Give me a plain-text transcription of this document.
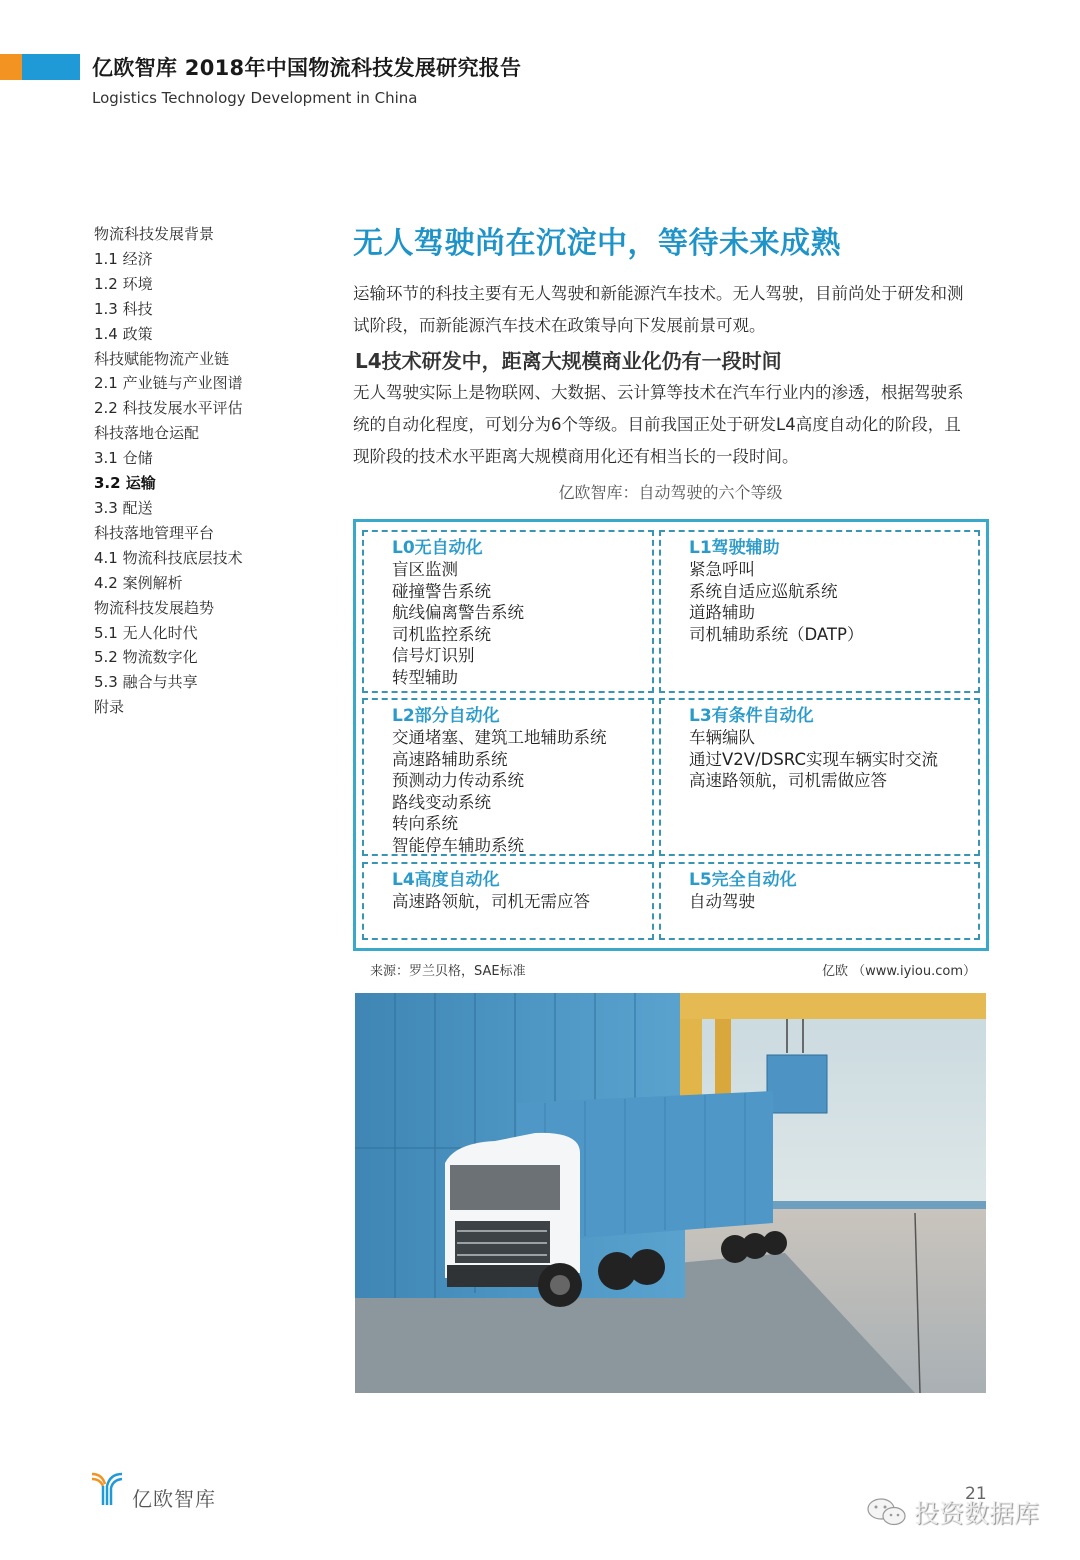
亿欧智库 2018年中国物流科技发展研究报告
Logistics Technology Development in China
物流科技发展背景
1.1 经济
1.2 环境
1.3 科技
1.4 政策
科技赋能物流产业链
2.1 产业链与产业图谱
2.2 科技发展水平评估
科技落地仓运配
3.1 仓储
3.2 运输
3.3 配送
科技落地管理平台
4.1 物流科技底层技术
4.2 案例解析
物流科技发展趋势
5.1 无人化时代
5.2 物流数字化
5.3 融合与共享
附录
无人驾驶尚在沉淀中，等待未来成熟

运输环节的科技主要有无人驾驶和新能源汽车技术。无人驾驶，目前尚处于研发和测试阶段，而新能源汽车技术在政策导向下发展前景可观。

L4技术研发中，距离大规模商业化仍有一段时间

无人驾驶实际上是物联网、大数据、云计算等技术在汽车行业内的渗透，根据驾驶系统的自动化程度，可划分为6个等级。目前我国正处于研发L4高度自动化的阶段，且现阶段的技术水平距离大规模商用化还有相当长的一段时间。

亿欧智库：自动驾驶的六个等级
L0无自动化
盲区监测
碰撞警告系统
航线偏离警告系统
司机监控系统
信号灯识别
转型辅助
L1驾驶辅助
紧急呼叫
系统自适应巡航系统
道路辅助
司机辅助系统（DATP）
L2部分自动化
交通堵塞、建筑工地辅助系统
高速路辅助系统
预测动力传动系统
路线变动系统
转向系统
智能停车辅助系统
L3有条件自动化
车辆编队
通过V2V/DSRC实现车辆实时交流
高速路领航，司机需做应答
L4高度自动化
高速路领航，司机无需应答
L5完全自动化
自动驾驶
来源：罗兰贝格，SAE标准	亿欧 （www.iyiou.com）
亿欧智库	21
投资数据库
